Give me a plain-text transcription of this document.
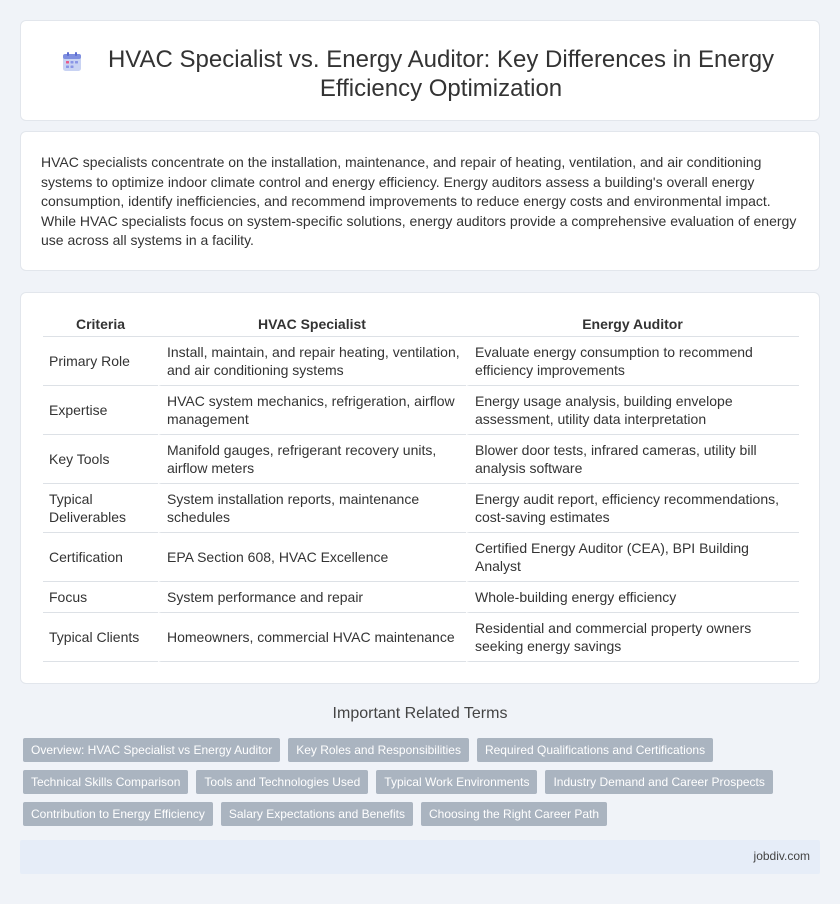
HVAC Specialist vs. Energy Auditor: Key Differences in Energy Efficiency Optimization

HVAC specialists concentrate on the installation, maintenance, and repair of heating, ventilation, and air conditioning systems to optimize indoor climate control and energy efficiency. Energy auditors assess a building's overall energy consumption, identify inefficiencies, and recommend improvements to reduce energy costs and environmental impact. While HVAC specialists focus on system-specific solutions, energy auditors provide a comprehensive evaluation of energy use across all systems in a facility.

Criteria	HVAC Specialist	Energy Auditor
Primary Role	Install, maintain, and repair heating, ventilation, and air conditioning systems	Evaluate energy consumption to recommend efficiency improvements
Expertise	HVAC system mechanics, refrigeration, airflow management	Energy usage analysis, building envelope assessment, utility data interpretation
Key Tools	Manifold gauges, refrigerant recovery units, airflow meters	Blower door tests, infrared cameras, utility bill analysis software
Typical Deliverables	System installation reports, maintenance schedules	Energy audit report, efficiency recommendations, cost-saving estimates
Certification	EPA Section 608, HVAC Excellence	Certified Energy Auditor (CEA), BPI Building Analyst
Focus	System performance and repair	Whole-building energy efficiency
Typical Clients	Homeowners, commercial HVAC maintenance	Residential and commercial property owners seeking energy savings
Important Related Terms
Overview: HVAC Specialist vs Energy Auditor	Key Roles and Responsibilities	Required Qualifications and Certifications
Technical Skills Comparison	Tools and Technologies Used	Typical Work Environments	Industry Demand and Career Prospects
Contribution to Energy Efficiency	Salary Expectations and Benefits	Choosing the Right Career Path
jobdiv.com
